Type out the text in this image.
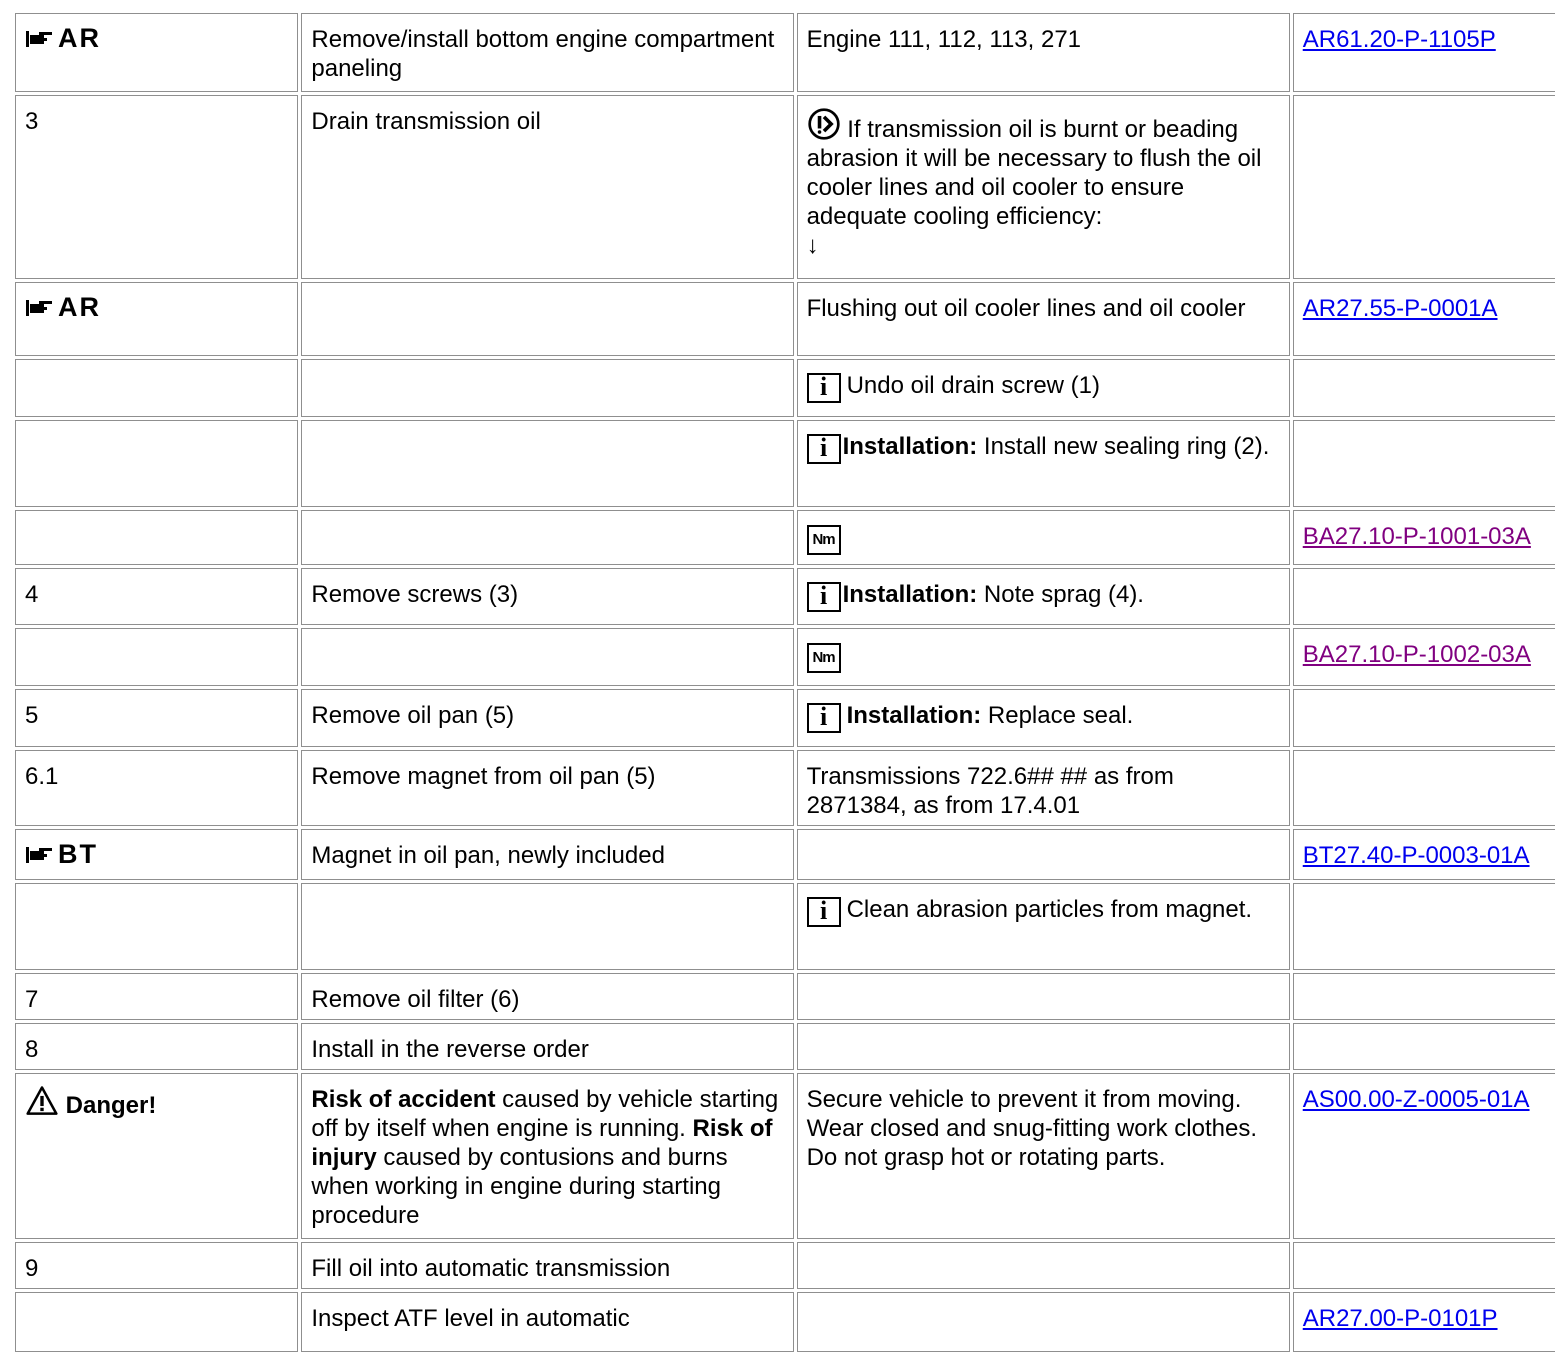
AR	Remove/install bottom engine compartment paneling	Engine 111, 112, 113, 271	AR61.20-P-1105P
3	Drain transmission oil	If transmission oil is burnt or beading abrasion it will be necessary to flush the oil cooler lines and oil cooler to ensure adequate cooling efficiency:
↓	

AR		Flushing out oil cooler lines and oil cooler	AR27.55-P-0001A
		i Undo oil drain screw (1)	
		i Installation: Install new sealing ring (2).	
		Nm	BA27.10-P-1001-03A
4	Remove screws (3)	i Installation: Note sprag (4).	
		Nm	BA27.10-P-1002-03A
5	Remove oil pan (5)	i Installation: Replace seal.	
6.1	Remove magnet from oil pan (5)	Transmissions 722.6## ## as from 2871384, as from 17.4.01	

BT	Magnet in oil pan, newly included		BT27.40-P-0003-01A
		i Clean abrasion particles from magnet.	
7	Remove oil filter (6)		
8	Install in the reverse order		
Danger!	Risk of accident caused by vehicle starting off by itself when engine is running. Risk of injury caused by contusions and burns when working in engine during starting procedure	Secure vehicle to prevent it from moving.
Wear closed and snug-fitting work clothes.
Do not grasp hot or rotating parts.	AS00.00-Z-0005-01A
9	Fill oil into automatic transmission		
	Inspect ATF level in automatic		AR27.00-P-0101P
